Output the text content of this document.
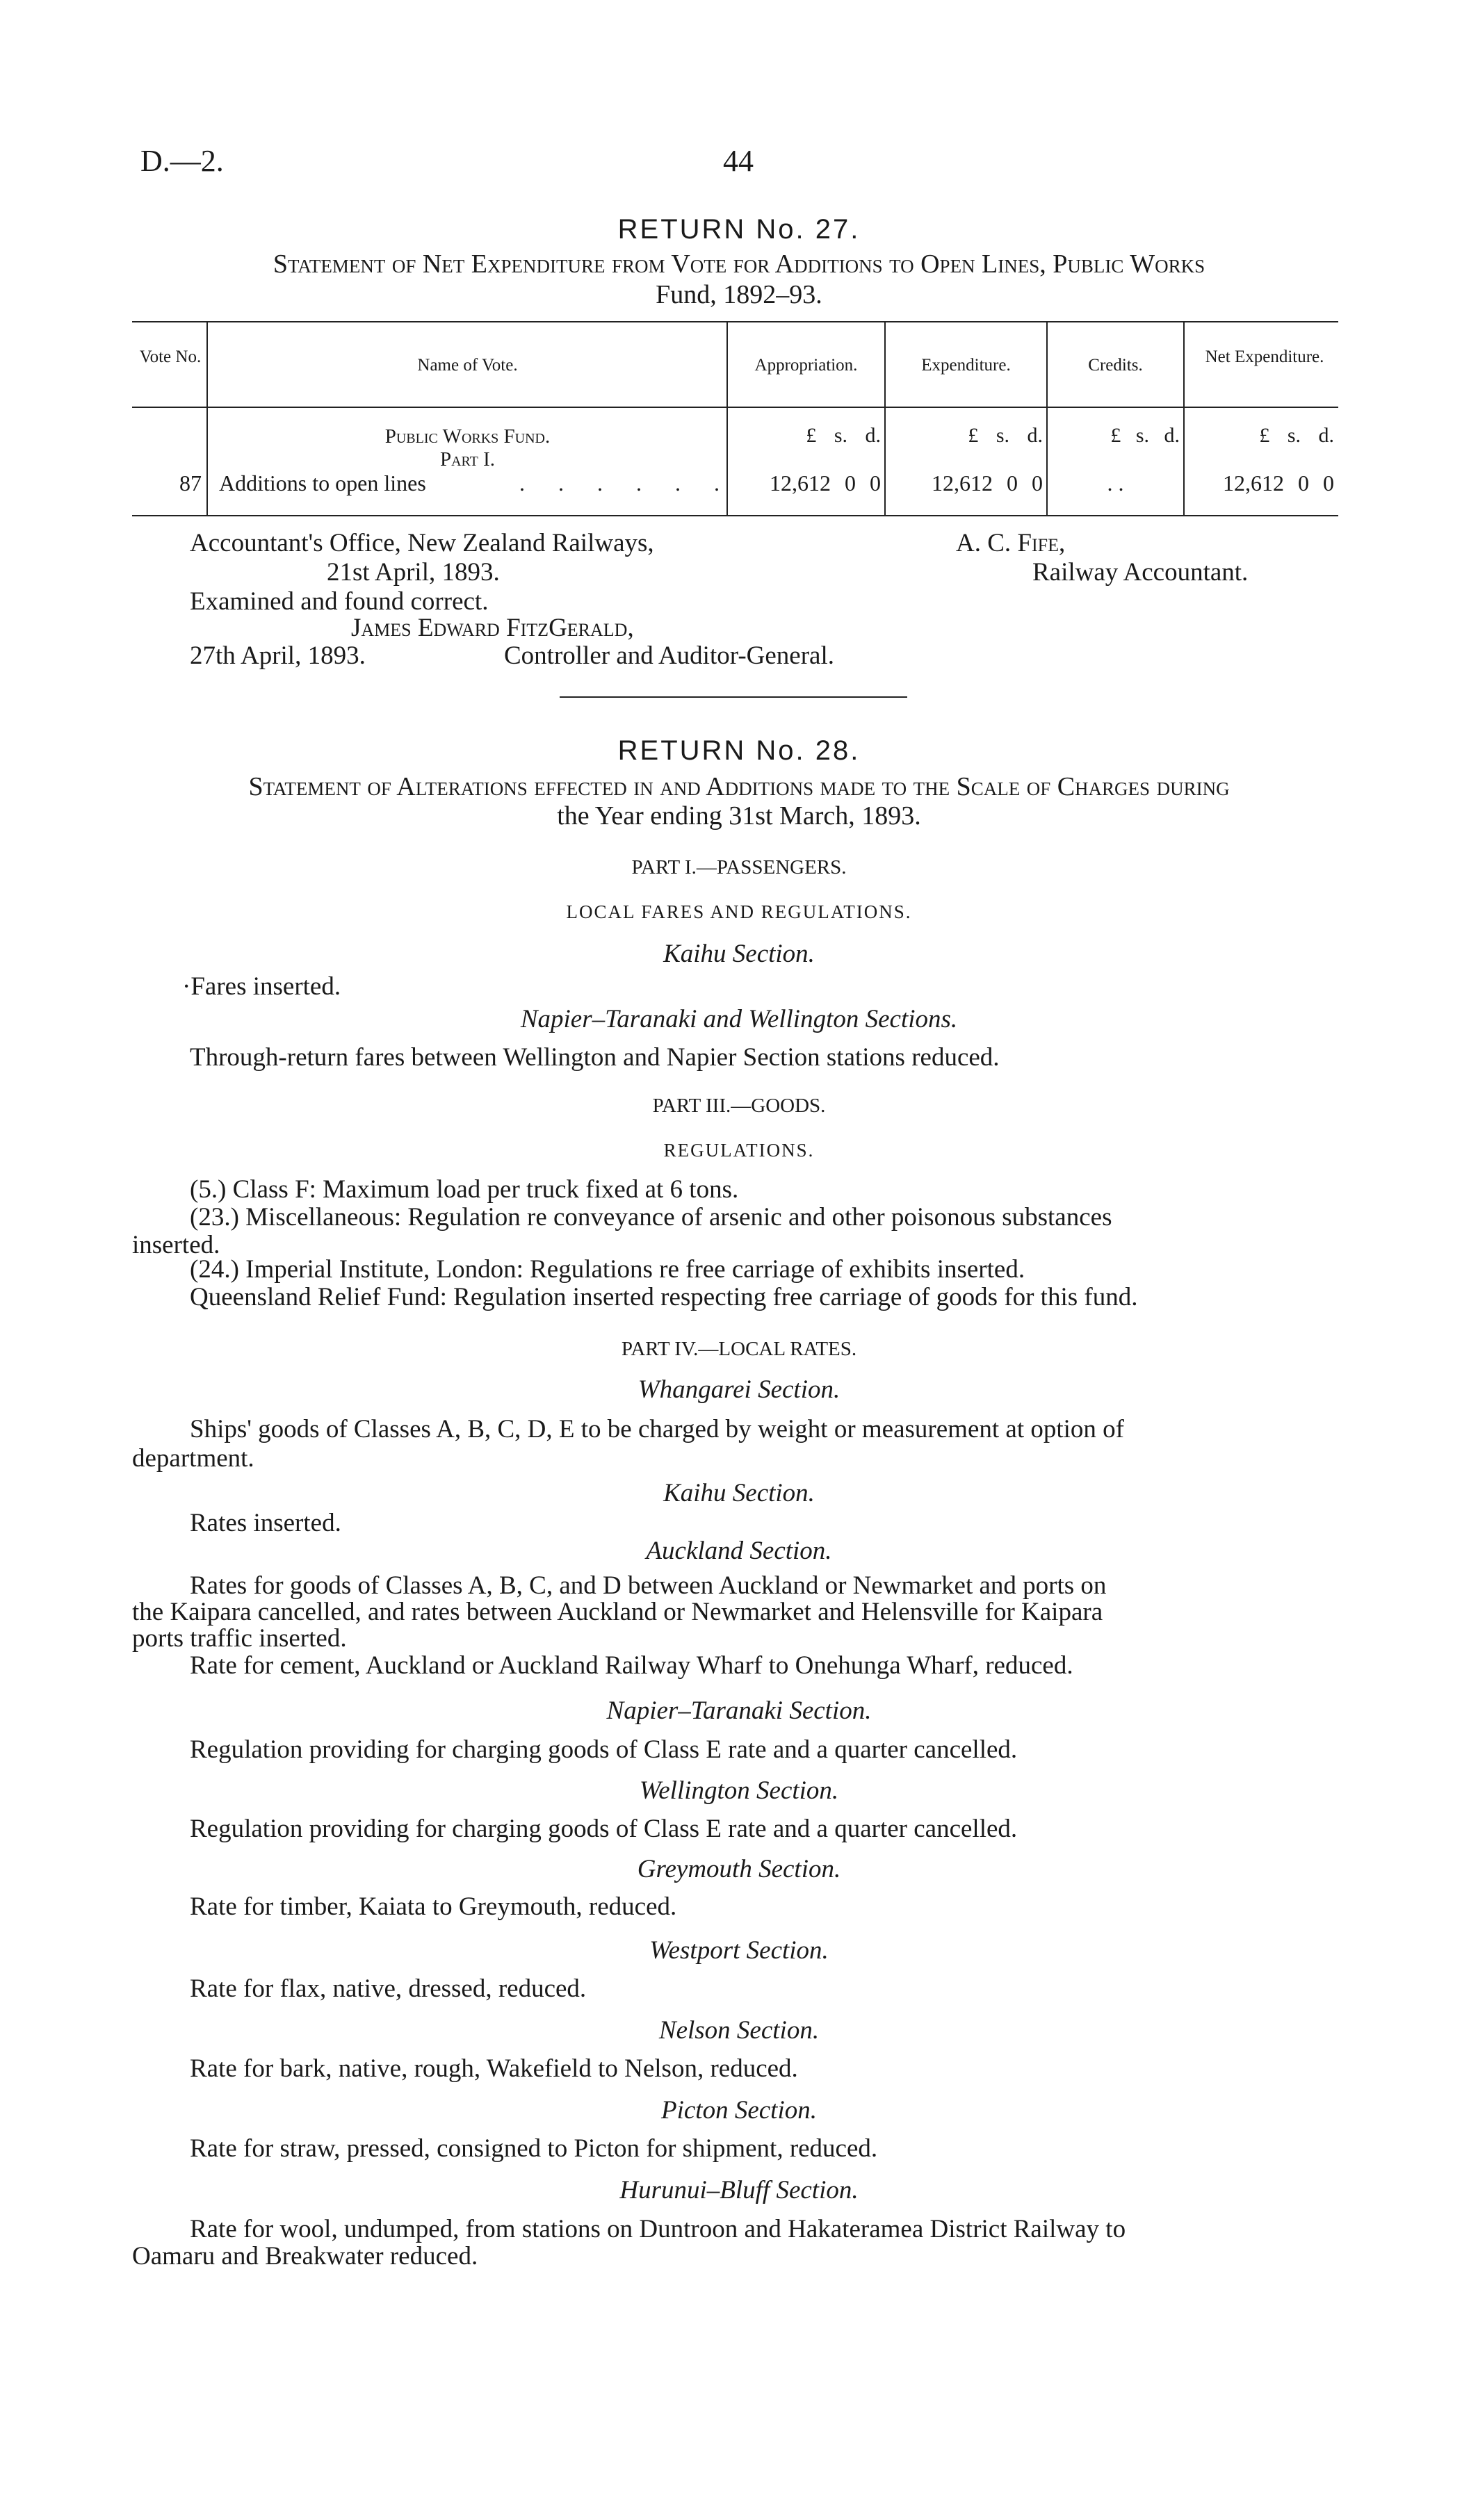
D.—2.	44
RETURN No. 27.
Statement of Net Expenditure from Vote for Additions to Open Lines, Public Works
Fund, 1892–93.
Vote No.	Name of Vote.	Appropriation.	Expenditure.	Credits.	Net Expenditure.
Public Works Fund.
Part I.
£ s. d.	£ s. d.	£ s. d.	£ s. d.
87 Additions to open lines	. . . . . .	12,612 0 0	12,612 0 0	. .	12,612 0 0
Accountant's Office, New Zealand Railways,
21st April, 1893.
A. C. Fife,
Railway Accountant.
Examined and found correct.
James Edward FitzGerald,
27th April, 1893.	Controller and Auditor-General.
RETURN No. 28.
Statement of Alterations effected in and Additions made to the Scale of Charges during
the Year ending 31st March, 1893.
PART I.—PASSENGERS.
LOCAL FARES AND REGULATIONS.
Kaihu Section.
·Fares inserted.
Napier–Taranaki and Wellington Sections.
Through-return fares between Wellington and Napier Section stations reduced.
PART III.—GOODS.
REGULATIONS.
(5.) Class F: Maximum load per truck fixed at 6 tons.
(23.) Miscellaneous: Regulation re conveyance of arsenic and other poisonous substances
inserted.
(24.) Imperial Institute, London: Regulations re free carriage of exhibits inserted.
Queensland Relief Fund: Regulation inserted respecting free carriage of goods for this fund.
PART IV.—LOCAL RATES.
Whangarei Section.
Ships' goods of Classes A, B, C, D, E to be charged by weight or measurement at option of
department.
Kaihu Section.
Rates inserted.
Auckland Section.
Rates for goods of Classes A, B, C, and D between Auckland or Newmarket and ports on
the Kaipara cancelled, and rates between Auckland or Newmarket and Helensville for Kaipara
ports traffic inserted.
Rate for cement, Auckland or Auckland Railway Wharf to Onehunga Wharf, reduced.
Napier–Taranaki Section.
Regulation providing for charging goods of Class E rate and a quarter cancelled.
Wellington Section.
Regulation providing for charging goods of Class E rate and a quarter cancelled.
Greymouth Section.
Rate for timber, Kaiata to Greymouth, reduced.
Westport Section.
Rate for flax, native, dressed, reduced.
Nelson Section.
Rate for bark, native, rough, Wakefield to Nelson, reduced.
Picton Section.
Rate for straw, pressed, consigned to Picton for shipment, reduced.
Hurunui–Bluff Section.
Rate for wool, undumped, from stations on Duntroon and Hakateramea District Railway to
Oamaru and Breakwater reduced.
